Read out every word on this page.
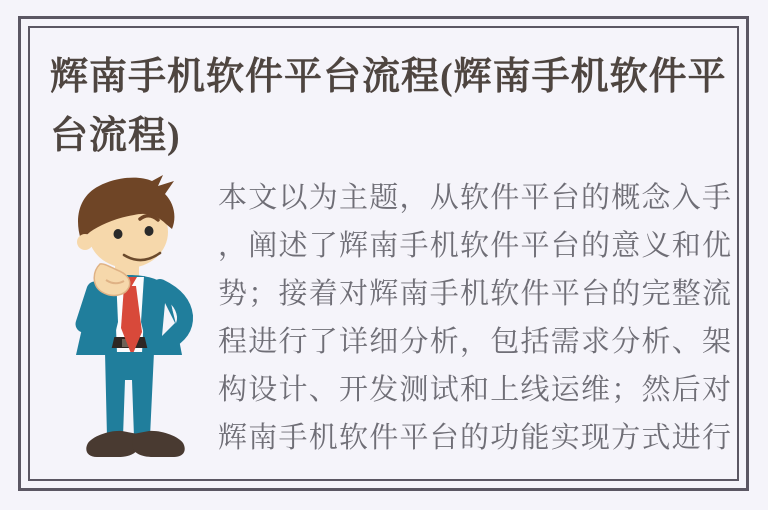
辉南手机软件平台流程(辉南手机软件平
台流程)

本文以为主题，从软件平台的概念入手

，阐述了辉南手机软件平台的意义和优

势；接着对辉南手机软件平台的完整流

程进行了详细分析，包括需求分析、架

构设计、开发测试和上线运维；然后对

辉南手机软件平台的功能实现方式进行
